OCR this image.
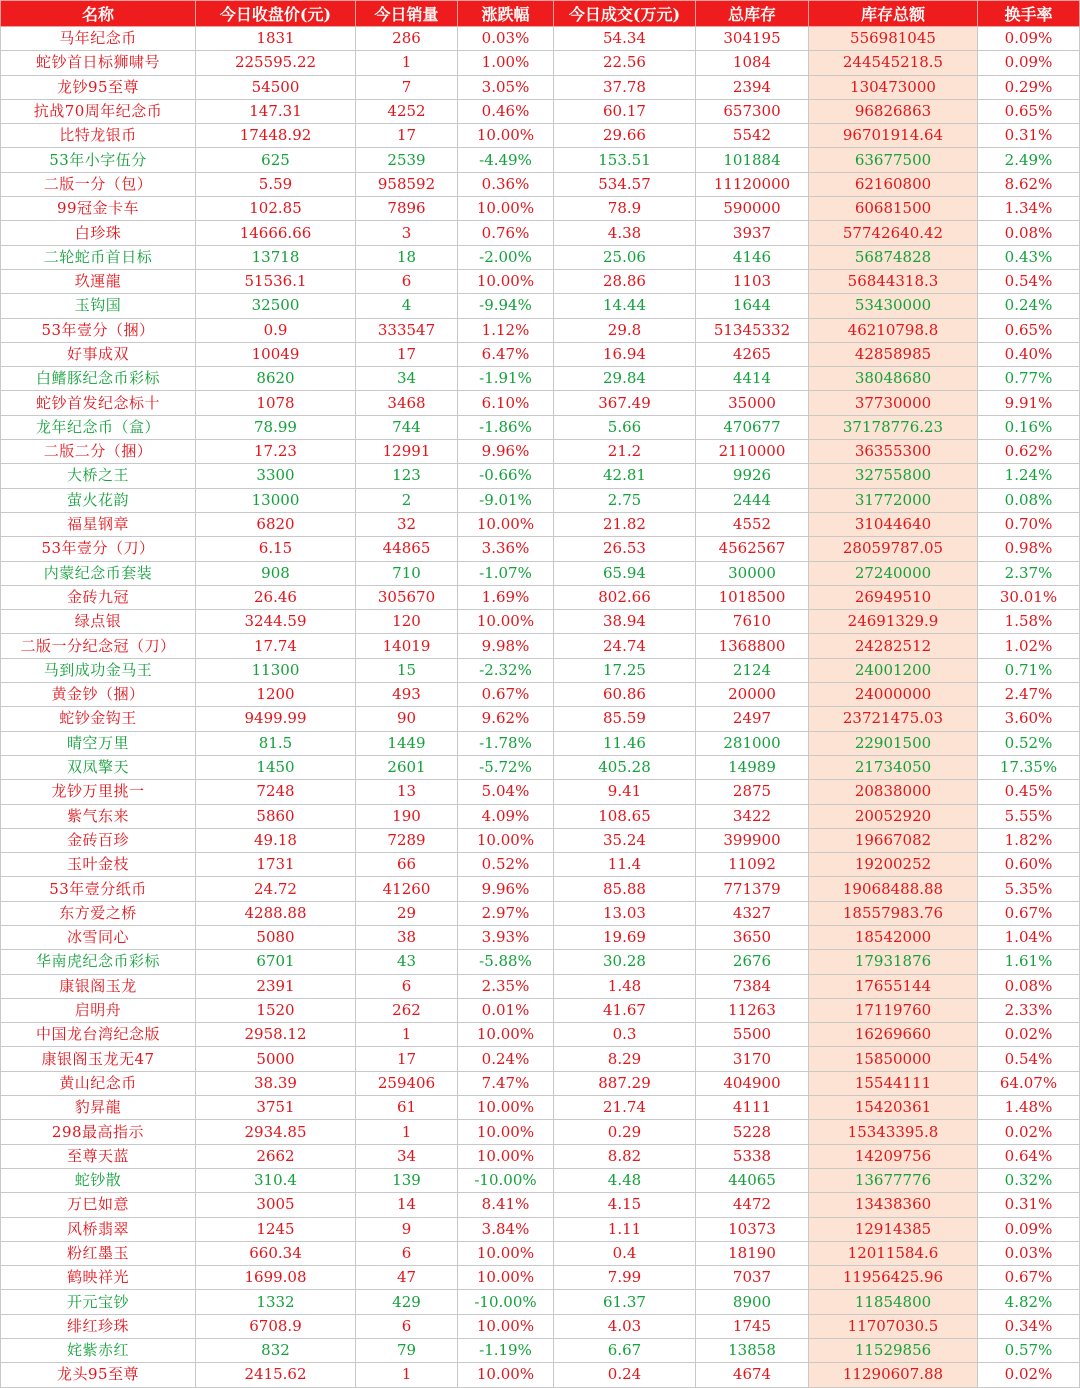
名称	今日收盘价(元)	今日销量	涨跌幅	今日成交(万元)	总库存	库存总额	换手率
马年纪念币	1831	286	0.03%	54.34	304195	556981045	0.09%
蛇钞首日标狮啸号	225595.22	1	1.00%	22.56	1084	244545218.5	0.09%
龙钞95至尊	54500	7	3.05%	37.78	2394	130473000	0.29%
抗战70周年纪念币	147.31	4252	0.46%	60.17	657300	96826863	0.65%
比特龙银币	17448.92	17	10.00%	29.66	5542	96701914.64	0.31%
53年小字伍分	625	2539	-4.49%	153.51	101884	63677500	2.49%
二版一分（包）	5.59	958592	0.36%	534.57	11120000	62160800	8.62%
99冠金卡车	102.85	7896	10.00%	78.9	590000	60681500	1.34%
白珍珠	14666.66	3	0.76%	4.38	3937	57742640.42	0.08%
二轮蛇币首日标	13718	18	-2.00%	25.06	4146	56874828	0.43%
玖運龍	51536.1	6	10.00%	28.86	1103	56844318.3	0.54%
玉钩国	32500	4	-9.94%	14.44	1644	53430000	0.24%
53年壹分（捆）	0.9	333547	1.12%	29.8	51345332	46210798.8	0.65%
好事成双	10049	17	6.47%	16.94	4265	42858985	0.40%
白鳍豚纪念币彩标	8620	34	-1.91%	29.84	4414	38048680	0.77%
蛇钞首发纪念标十	1078	3468	6.10%	367.49	35000	37730000	9.91%
龙年纪念币（盒）	78.99	744	-1.86%	5.66	470677	37178776.23	0.16%
二版二分（捆）	17.23	12991	9.96%	21.2	2110000	36355300	0.62%
大桥之王	3300	123	-0.66%	42.81	9926	32755800	1.24%
萤火花韵	13000	2	-9.01%	2.75	2444	31772000	0.08%
福星钢章	6820	32	10.00%	21.82	4552	31044640	0.70%
53年壹分（刀）	6.15	44865	3.36%	26.53	4562567	28059787.05	0.98%
内蒙纪念币套装	908	710	-1.07%	65.94	30000	27240000	2.37%
金砖九冠	26.46	305670	1.69%	802.66	1018500	26949510	30.01%
绿点银	3244.59	120	10.00%	38.94	7610	24691329.9	1.58%
二版一分纪念冠（刀）	17.74	14019	9.98%	24.74	1368800	24282512	1.02%
马到成功金马王	11300	15	-2.32%	17.25	2124	24001200	0.71%
黄金钞（捆）	1200	493	0.67%	60.86	20000	24000000	2.47%
蛇钞金钩王	9499.99	90	9.62%	85.59	2497	23721475.03	3.60%
晴空万里	81.5	1449	-1.78%	11.46	281000	22901500	0.52%
双凤擎天	1450	2601	-5.72%	405.28	14989	21734050	17.35%
龙钞万里挑一	7248	13	5.04%	9.41	2875	20838000	0.45%
紫气东来	5860	190	4.09%	108.65	3422	20052920	5.55%
金砖百珍	49.18	7289	10.00%	35.24	399900	19667082	1.82%
玉叶金枝	1731	66	0.52%	11.4	11092	19200252	0.60%
53年壹分纸币	24.72	41260	9.96%	85.88	771379	19068488.88	5.35%
东方爱之桥	4288.88	29	2.97%	13.03	4327	18557983.76	0.67%
冰雪同心	5080	38	3.93%	19.69	3650	18542000	1.04%
华南虎纪念币彩标	6701	43	-5.88%	30.28	2676	17931876	1.61%
康银阁玉龙	2391	6	2.35%	1.48	7384	17655144	0.08%
启明舟	1520	262	0.01%	41.67	11263	17119760	2.33%
中国龙台湾纪念版	2958.12	1	10.00%	0.3	5500	16269660	0.02%
康银阁玉龙无47	5000	17	0.24%	8.29	3170	15850000	0.54%
黄山纪念币	38.39	259406	7.47%	887.29	404900	15544111	64.07%
豹昇龍	3751	61	10.00%	21.74	4111	15420361	1.48%
298最高指示	2934.85	1	10.00%	0.29	5228	15343395.8	0.02%
至尊天蓝	2662	34	10.00%	8.82	5338	14209756	0.64%
蛇钞散	310.4	139	-10.00%	4.48	44065	13677776	0.32%
万巳如意	3005	14	8.41%	4.15	4472	13438360	0.31%
风桥翡翠	1245	9	3.84%	1.11	10373	12914385	0.09%
粉红墨玉	660.34	6	10.00%	0.4	18190	12011584.6	0.03%
鹤映祥光	1699.08	47	10.00%	7.99	7037	11956425.96	0.67%
开元宝钞	1332	429	-10.00%	61.37	8900	11854800	4.82%
绯红珍珠	6708.9	6	10.00%	4.03	1745	11707030.5	0.34%
姹紫赤红	832	79	-1.19%	6.67	13858	11529856	0.57%
龙头95至尊	2415.62	1	10.00%	0.24	4674	11290607.88	0.02%
